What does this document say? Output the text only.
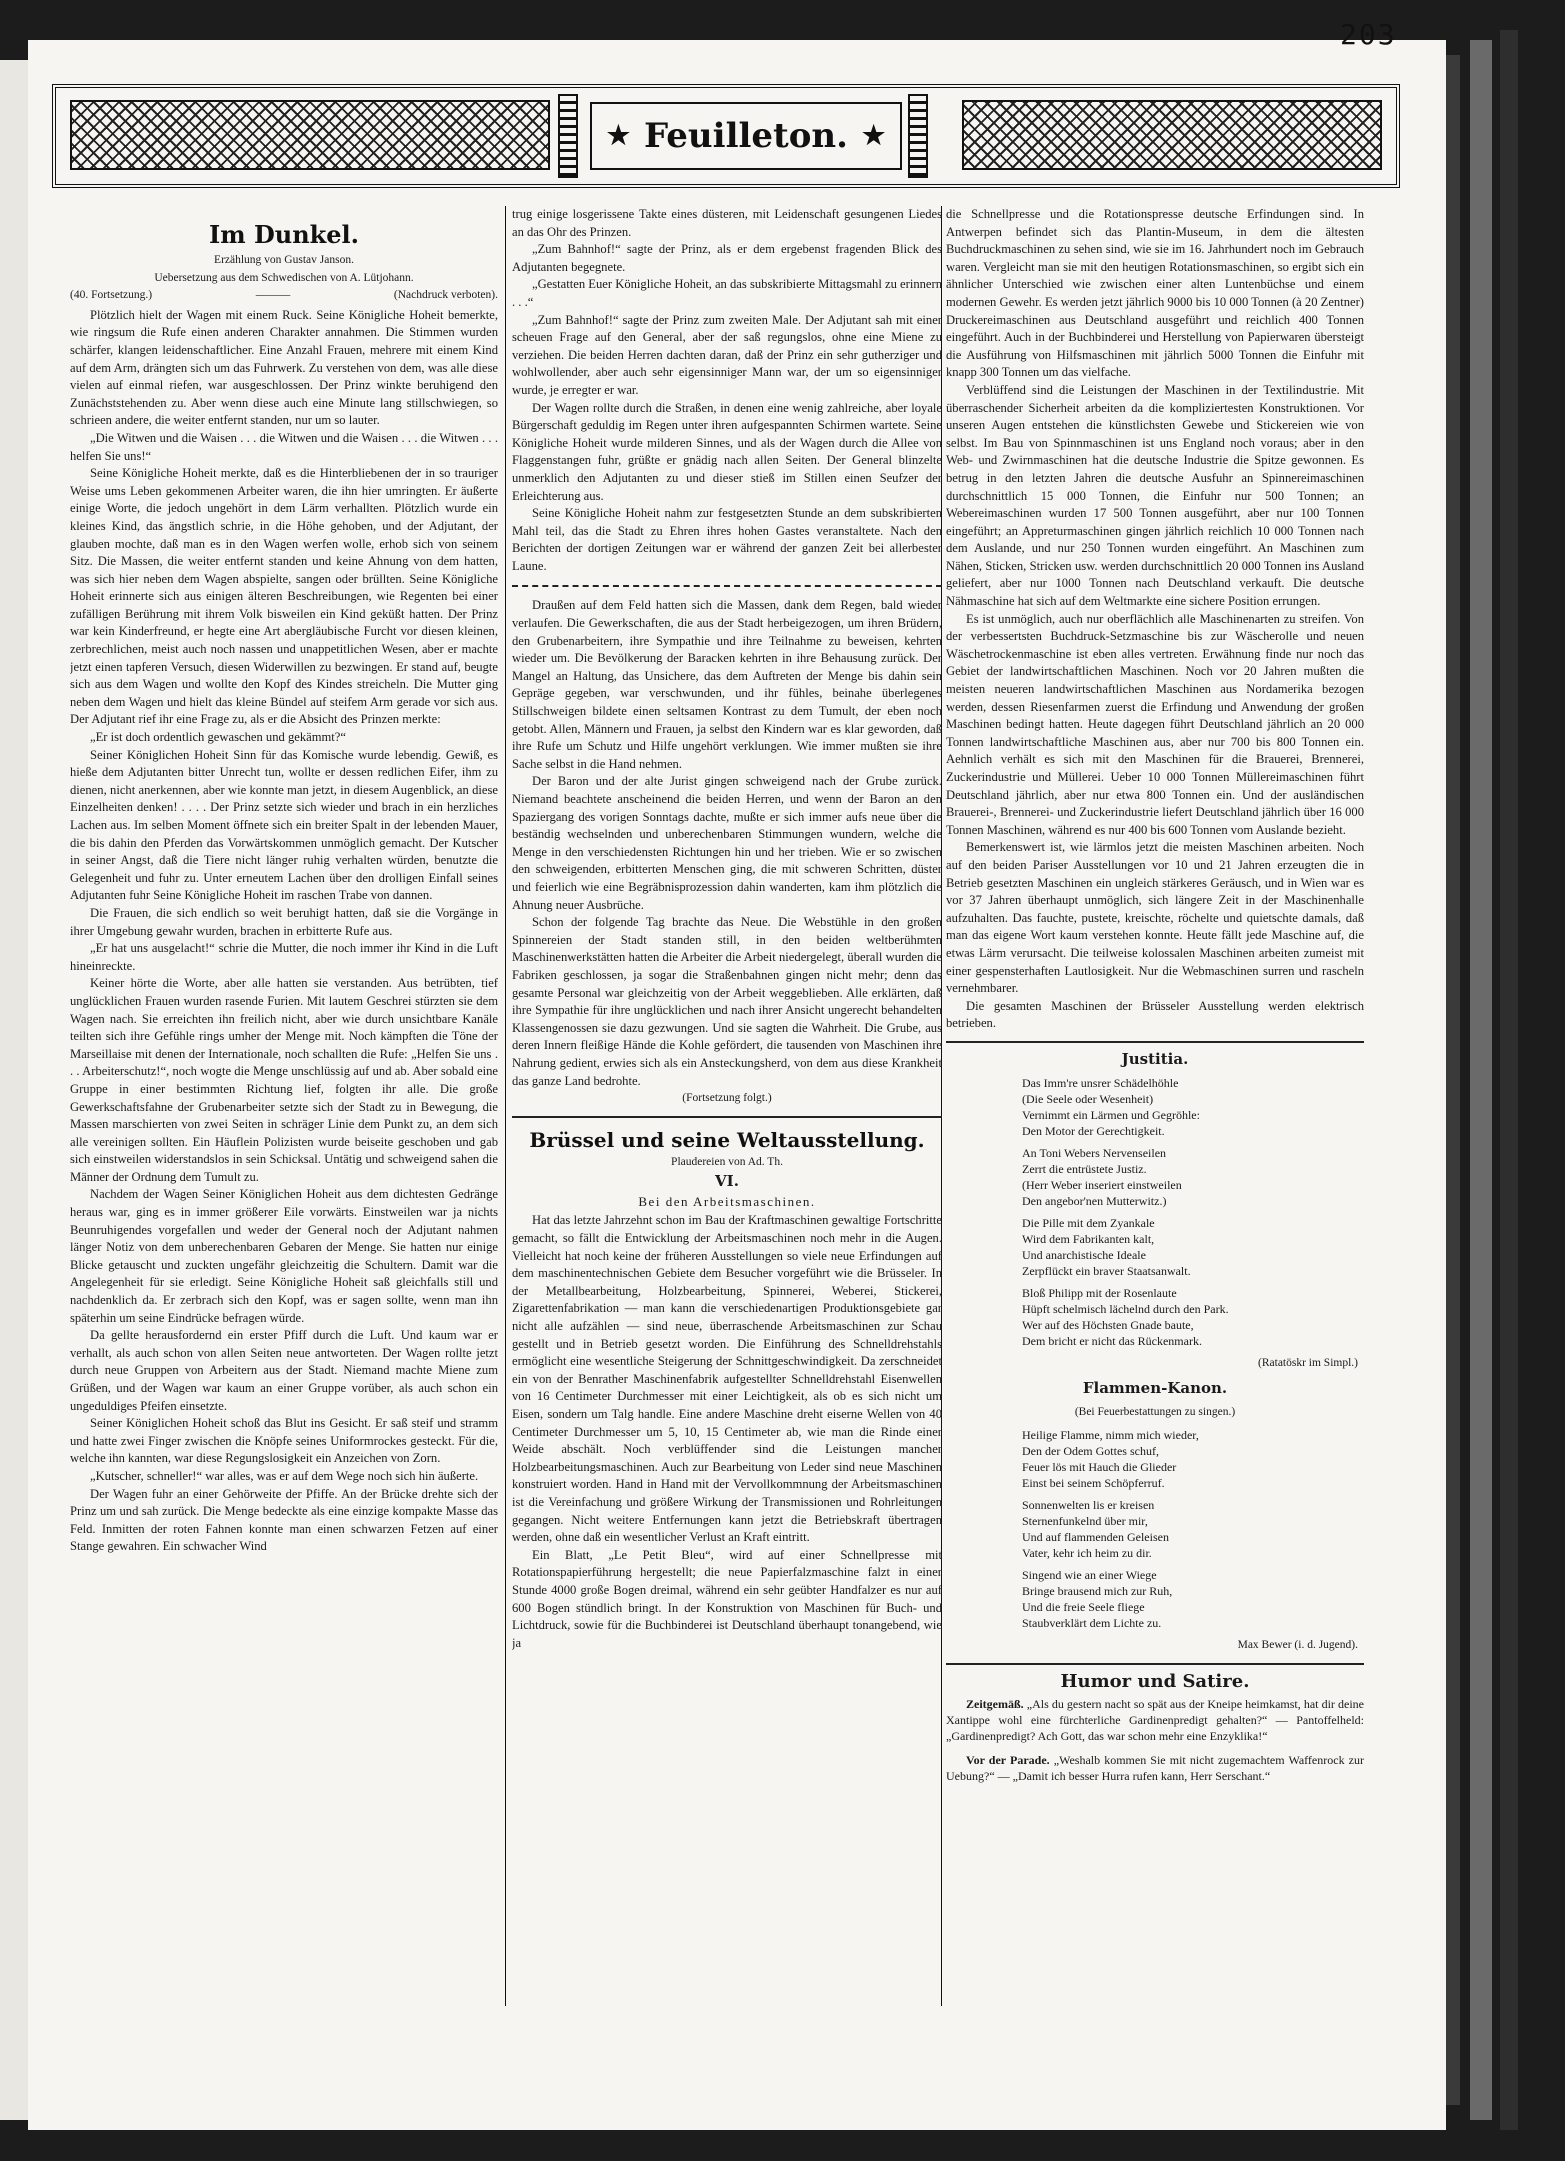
203
★ Feuilleton. ★
Im Dunkel.

Erzählung von Gustav Janson.

Uebersetzung aus dem Schwedischen von A. Lütjohann.

(40. Fortsetzung.)	———	(Nachdruck verboten).

Plötzlich hielt der Wagen mit einem Ruck. Seine Königliche Hoheit bemerkte, wie ringsum die Rufe einen anderen Charakter annahmen. Die Stimmen wurden schärfer, klangen leidenschaftlicher. Eine Anzahl Frauen, mehrere mit einem Kind auf dem Arm, drängten sich um das Fuhrwerk. Zu verstehen von dem, was alle diese vielen auf einmal riefen, war ausgeschlossen. Der Prinz winkte beruhigend den Zunächststehenden zu. Aber wenn diese auch eine Minute lang stillschwiegen, so schrieen andere, die weiter entfernt standen, nur um so lauter.

„Die Witwen und die Waisen . . . die Witwen und die Waisen . . . die Witwen . . . helfen Sie uns!“

Seine Königliche Hoheit merkte, daß es die Hinterbliebenen der in so trauriger Weise ums Leben gekommenen Arbeiter waren, die ihn hier umringten. Er äußerte einige Worte, die jedoch ungehört in dem Lärm verhallten. Plötzlich wurde ein kleines Kind, das ängstlich schrie, in die Höhe gehoben, und der Adjutant, der glauben mochte, daß man es in den Wagen werfen wolle, erhob sich von seinem Sitz. Die Massen, die weiter entfernt standen und keine Ahnung von dem hatten, was sich hier neben dem Wagen abspielte, sangen oder brüllten. Seine Königliche Hoheit erinnerte sich aus einigen älteren Beschreibungen, wie Regenten bei einer zufälligen Berührung mit ihrem Volk bisweilen ein Kind geküßt hatten. Der Prinz war kein Kinderfreund, er hegte eine Art abergläubische Furcht vor diesen kleinen, zerbrechlichen, meist auch noch nassen und unappetitlichen Wesen, aber er machte jetzt einen tapferen Versuch, diesen Widerwillen zu bezwingen. Er stand auf, beugte sich aus dem Wagen und wollte den Kopf des Kindes streicheln. Die Mutter ging neben dem Wagen und hielt das kleine Bündel auf steifem Arm gerade vor sich aus. Der Adjutant rief ihr eine Frage zu, als er die Absicht des Prinzen merkte:

„Er ist doch ordentlich gewaschen und gekämmt?“

Seiner Königlichen Hoheit Sinn für das Komische wurde lebendig. Gewiß, es hieße dem Adjutanten bitter Unrecht tun, wollte er dessen redlichen Eifer, ihm zu dienen, nicht anerkennen, aber wie konnte man jetzt, in diesem Augenblick, an diese Einzelheiten denken! . . . . Der Prinz setzte sich wieder und brach in ein herzliches Lachen aus. Im selben Moment öffnete sich ein breiter Spalt in der lebenden Mauer, die bis dahin den Pferden das Vorwärtskommen unmöglich gemacht. Der Kutscher in seiner Angst, daß die Tiere nicht länger ruhig verhalten würden, benutzte die Gelegenheit und fuhr zu. Unter erneutem Lachen über den drolligen Einfall seines Adjutanten fuhr Seine Königliche Hoheit im raschen Trabe von dannen.

Die Frauen, die sich endlich so weit beruhigt hatten, daß sie die Vorgänge in ihrer Umgebung gewahr wurden, brachen in erbitterte Rufe aus.

„Er hat uns ausgelacht!“ schrie die Mutter, die noch immer ihr Kind in die Luft hineinreckte.

Keiner hörte die Worte, aber alle hatten sie verstanden. Aus betrübten, tief unglücklichen Frauen wurden rasende Furien. Mit lautem Geschrei stürzten sie dem Wagen nach. Sie erreichten ihn freilich nicht, aber wie durch unsichtbare Kanäle teilten sich ihre Gefühle rings umher der Menge mit. Noch kämpften die Töne der Marseillaise mit denen der Internationale, noch schallten die Rufe: „Helfen Sie uns . . . Arbeiterschutz!“, noch wogte die Menge unschlüssig auf und ab. Aber sobald eine Gruppe in einer bestimmten Richtung lief, folgten ihr alle. Die große Gewerkschaftsfahne der Grubenarbeiter setzte sich der Stadt zu in Bewegung, die Massen marschierten von zwei Seiten in schräger Linie dem Punkt zu, an dem sich alle vereinigen sollten. Ein Häuflein Polizisten wurde beiseite geschoben und gab sich einstweilen widerstandslos in sein Schicksal. Untätig und schweigend sahen die Männer der Ordnung dem Tumult zu.

Nachdem der Wagen Seiner Königlichen Hoheit aus dem dichtesten Gedränge heraus war, ging es in immer größerer Eile vorwärts. Einstweilen war ja nichts Beunruhigendes vorgefallen und weder der General noch der Adjutant nahmen länger Notiz von dem unberechenbaren Gebaren der Menge. Sie hatten nur einige Blicke getauscht und zuckten ungefähr gleichzeitig die Schultern. Damit war die Angelegenheit für sie erledigt. Seine Königliche Hoheit saß gleichfalls still und nachdenklich da. Er zerbrach sich den Kopf, was er sagen sollte, wenn man ihn späterhin um seine Eindrücke befragen würde.

Da gellte herausfordernd ein erster Pfiff durch die Luft. Und kaum war er verhallt, als auch schon von allen Seiten neue antworteten. Der Wagen rollte jetzt durch neue Gruppen von Arbeitern aus der Stadt. Niemand machte Miene zum Grüßen, und der Wagen war kaum an einer Gruppe vorüber, als auch schon ein ungeduldiges Pfeifen einsetzte.

Seiner Königlichen Hoheit schoß das Blut ins Gesicht. Er saß steif und stramm und hatte zwei Finger zwischen die Knöpfe seines Uniformrockes gesteckt. Für die, welche ihn kannten, war diese Regungslosigkeit ein Anzeichen von Zorn.

„Kutscher, schneller!“ war alles, was er auf dem Wege noch sich hin äußerte.

Der Wagen fuhr an einer Gehörweite der Pfiffe. An der Brücke drehte sich der Prinz um und sah zurück. Die Menge bedeckte als eine einzige kompakte Masse das Feld. Inmitten der roten Fahnen konnte man einen schwarzen Fetzen auf einer Stange gewahren. Ein schwacher Wind

trug einige losgerissene Takte eines düsteren, mit Leidenschaft gesungenen Liedes an das Ohr des Prinzen.

„Zum Bahnhof!“ sagte der Prinz, als er dem ergebenst fragenden Blick des Adjutanten begegnete.

„Gestatten Euer Königliche Hoheit, an das subskribierte Mittagsmahl zu erinnern . . .“

„Zum Bahnhof!“ sagte der Prinz zum zweiten Male. Der Adjutant sah mit einer scheuen Frage auf den General, aber der saß regungslos, ohne eine Miene zu verziehen. Die beiden Herren dachten daran, daß der Prinz ein sehr gutherziger und wohlwollender, aber auch sehr eigensinniger Mann war, der um so eigensinniger wurde, je erregter er war.

Der Wagen rollte durch die Straßen, in denen eine wenig zahlreiche, aber loyale Bürgerschaft geduldig im Regen unter ihren aufgespannten Schirmen wartete. Seine Königliche Hoheit wurde milderen Sinnes, und als der Wagen durch die Allee von Flaggenstangen fuhr, grüßte er gnädig nach allen Seiten. Der General blinzelte unmerklich den Adjutanten zu und dieser stieß im Stillen einen Seufzer der Erleichterung aus.

Seine Königliche Hoheit nahm zur festgesetzten Stunde an dem subskribierten Mahl teil, das die Stadt zu Ehren ihres hohen Gastes veranstaltete. Nach den Berichten der dortigen Zeitungen war er während der ganzen Zeit bei allerbester Laune.

Draußen auf dem Feld hatten sich die Massen, dank dem Regen, bald wieder verlaufen. Die Gewerkschaften, die aus der Stadt herbeigezogen, um ihren Brüdern, den Grubenarbeitern, ihre Sympathie und ihre Teilnahme zu beweisen, kehrten wieder um. Die Bevölkerung der Baracken kehrten in ihre Behausung zurück. Der Mangel an Haltung, das Unsichere, das dem Auftreten der Menge bis dahin sein Gepräge gegeben, war verschwunden, und ihr fühles, beinahe überlegenes Stillschweigen bildete einen seltsamen Kontrast zu dem Tumult, der eben noch getobt. Allen, Männern und Frauen, ja selbst den Kindern war es klar geworden, daß ihre Rufe um Schutz und Hilfe ungehört verklungen. Wie immer mußten sie ihre Sache selbst in die Hand nehmen.

Der Baron und der alte Jurist gingen schweigend nach der Grube zurück. Niemand beachtete anscheinend die beiden Herren, und wenn der Baron an den Spaziergang des vorigen Sonntags dachte, mußte er sich immer aufs neue über die beständig wechselnden und unberechenbaren Stimmungen wundern, welche die Menge in den verschiedensten Richtungen hin und her trieben. Wie er so zwischen den schweigenden, erbitterten Menschen ging, die mit schweren Schritten, düster und feierlich wie eine Begräbnisprozession dahin wanderten, kam ihm plötzlich die Ahnung neuer Ausbrüche.

Schon der folgende Tag brachte das Neue. Die Webstühle in den großen Spinnereien der Stadt standen still, in den beiden weltberühmten Maschinenwerkstätten hatten die Arbeiter die Arbeit niedergelegt, überall wurden die Fabriken geschlossen, ja sogar die Straßenbahnen gingen nicht mehr; denn das gesamte Personal war gleichzeitig von der Arbeit weggeblieben. Alle erklärten, daß ihre Sympathie für ihre unglücklichen und nach ihrer Ansicht ungerecht behandelten Klassengenossen sie dazu gezwungen. Und sie sagten die Wahrheit. Die Grube, aus deren Innern fleißige Hände die Kohle gefördert, die tausenden von Maschinen ihre Nahrung gedient, erwies sich als ein Ansteckungsherd, von dem aus diese Krankheit das ganze Land bedrohte.

(Fortsetzung folgt.)

Brüssel und seine Weltausstellung.

Plaudereien von Ad. Th.

VI.
Bei den Arbeitsmaschinen.

Hat das letzte Jahrzehnt schon im Bau der Kraftmaschinen gewaltige Fortschritte gemacht, so fällt die Entwicklung der Arbeitsmaschinen noch mehr in die Augen. Vielleicht hat noch keine der früheren Ausstellungen so viele neue Erfindungen auf dem maschinentechnischen Gebiete dem Besucher vorgeführt wie die Brüsseler. In der Metallbearbeitung, Holzbearbeitung, Spinnerei, Weberei, Stickerei, Zigarettenfabrikation — man kann die verschiedenartigen Produktionsgebiete gar nicht alle aufzählen — sind neue, überraschende Arbeitsmaschinen zur Schau gestellt und in Betrieb gesetzt worden. Die Einführung des Schnelldrehstahls ermöglicht eine wesentliche Steigerung der Schnittgeschwindigkeit. Da zerschneidet ein von der Benrather Maschinenfabrik aufgestellter Schnelldrehstahl Eisenwellen von 16 Centimeter Durchmesser mit einer Leichtigkeit, als ob es sich nicht um Eisen, sondern um Talg handle. Eine andere Maschine dreht eiserne Wellen von 40 Centimeter Durchmesser um 5, 10, 15 Centimeter ab, wie man die Rinde einer Weide abschält. Noch verblüffender sind die Leistungen mancher Holzbearbeitungsmaschinen. Auch zur Bearbeitung von Leder sind neue Maschinen konstruiert worden. Hand in Hand mit der Vervollkommnung der Arbeitsmaschinen ist die Vereinfachung und größere Wirkung der Transmissionen und Rohrleitungen gegangen. Nicht weitere Entfernungen kann jetzt die Betriebskraft übertragen werden, ohne daß ein wesentlicher Verlust an Kraft eintritt.

Ein Blatt, „Le Petit Bleu“, wird auf einer Schnellpresse mit Rotationspapierführung hergestellt; die neue Papierfalzmaschine falzt in einer Stunde 4000 große Bogen dreimal, während ein sehr geübter Handfalzer es nur auf 600 Bogen stündlich bringt. In der Konstruktion von Maschinen für Buch- und Lichtdruck, sowie für die Buchbinderei ist Deutschland überhaupt tonangebend, wie ja

die Schnellpresse und die Rotationspresse deutsche Erfindungen sind. In Antwerpen befindet sich das Plantin-Museum, in dem die ältesten Buchdruckmaschinen zu sehen sind, wie sie im 16. Jahrhundert noch im Gebrauch waren. Vergleicht man sie mit den heutigen Rotationsmaschinen, so ergibt sich ein ähnlicher Unterschied wie zwischen einer alten Luntenbüchse und einem modernen Gewehr. Es werden jetzt jährlich 9000 bis 10 000 Tonnen (à 20 Zentner) Druckereimaschinen aus Deutschland ausgeführt und reichlich 400 Tonnen eingeführt. Auch in der Buchbinderei und Herstellung von Papierwaren übersteigt die Ausführung von Hilfsmaschinen mit jährlich 5000 Tonnen die Einfuhr mit knapp 300 Tonnen um das vielfache.

Verblüffend sind die Leistungen der Maschinen in der Textilindustrie. Mit überraschender Sicherheit arbeiten da die kompliziertesten Konstruktionen. Vor unseren Augen entstehen die künstlichsten Gewebe und Stickereien wie von selbst. Im Bau von Spinnmaschinen ist uns England noch voraus; aber in den Web- und Zwirnmaschinen hat die deutsche Industrie die Spitze gewonnen. Es betrug in den letzten Jahren die deutsche Ausfuhr an Spinnereimaschinen durchschnittlich 15 000 Tonnen, die Einfuhr nur 500 Tonnen; an Webereimaschinen wurden 17 500 Tonnen ausgeführt, aber nur 100 Tonnen eingeführt; an Appreturmaschinen gingen jährlich reichlich 10 000 Tonnen nach dem Auslande, und nur 250 Tonnen wurden eingeführt. An Maschinen zum Nähen, Sticken, Stricken usw. werden durchschnittlich 20 000 Tonnen ins Ausland geliefert, aber nur 1000 Tonnen nach Deutschland verkauft. Die deutsche Nähmaschine hat sich auf dem Weltmarkte eine sichere Position errungen.

Es ist unmöglich, auch nur oberflächlich alle Maschinenarten zu streifen. Von der verbessertsten Buchdruck-Setzmaschine bis zur Wäscherolle und neuen Wäschetrockenmaschine ist eben alles vertreten. Erwähnung finde nur noch das Gebiet der landwirtschaftlichen Maschinen. Noch vor 20 Jahren mußten die meisten neueren landwirtschaftlichen Maschinen aus Nordamerika bezogen werden, dessen Riesenfarmen zuerst die Erfindung und Anwendung der großen Maschinen bedingt hatten. Heute dagegen führt Deutschland jährlich an 20 000 Tonnen landwirtschaftliche Maschinen aus, aber nur 700 bis 800 Tonnen ein. Aehnlich verhält es sich mit den Maschinen für die Brauerei, Brennerei, Zuckerindustrie und Müllerei. Ueber 10 000 Tonnen Müllereimaschinen führt Deutschland jährlich, aber nur etwa 800 Tonnen ein. Und der ausländischen Brauerei-, Brennerei- und Zuckerindustrie liefert Deutschland jährlich über 16 000 Tonnen Maschinen, während es nur 400 bis 600 Tonnen vom Auslande bezieht.

Bemerkenswert ist, wie lärmlos jetzt die meisten Maschinen arbeiten. Noch auf den beiden Pariser Ausstellungen vor 10 und 21 Jahren erzeugten die in Betrieb gesetzten Maschinen ein ungleich stärkeres Geräusch, und in Wien war es vor 37 Jahren überhaupt unmöglich, sich längere Zeit in der Maschinenhalle aufzuhalten. Das fauchte, pustete, kreischte, röchelte und quietschte damals, daß man das eigene Wort kaum verstehen konnte. Heute fällt jede Maschine auf, die etwas Lärm verursacht. Die teilweise kolossalen Maschinen arbeiten zumeist mit einer gespensterhaften Lautlosigkeit. Nur die Webmaschinen surren und rascheln vernehmbarer.

Die gesamten Maschinen der Brüsseler Ausstellung werden elektrisch betrieben.

Justitia.
Das Imm're unsrer Schädelhöhle
(Die Seele oder Wesenheit)
Vernimmt ein Lärmen und Gegröhle:
Den Motor der Gerechtigkeit.
An Toni Webers Nervenseilen
Zerrt die entrüstete Justiz.
(Herr Weber inseriert einstweilen
Den angebor'nen Mutterwitz.)
Die Pille mit dem Zyankale
Wird dem Fabrikanten kalt,
Und anarchistische Ideale
Zerpflückt ein braver Staatsanwalt.
Bloß Philipp mit der Rosenlaute
Hüpft schelmisch lächelnd durch den Park.
Wer auf des Höchsten Gnade baute,
Dem bricht er nicht das Rückenmark.
(Ratatöskr im Simpl.)
Flammen-Kanon.
(Bei Feuerbestattungen zu singen.)
Heilige Flamme, nimm mich wieder,
Den der Odem Gottes schuf,
Feuer lös mit Hauch die Glieder
Einst bei seinem Schöpferruf.
Sonnenwelten lis er kreisen
Sternenfunkelnd über mir,
Und auf flammenden Geleisen
Vater, kehr ich heim zu dir.
Singend wie an einer Wiege
Bringe brausend mich zur Ruh,
Und die freie Seele fliege
Staubverklärt dem Lichte zu.
Max Bewer (i. d. Jugend).
Humor und Satire.

Zeitgemäß. „Als du gestern nacht so spät aus der Kneipe heimkamst, hat dir deine Xantippe wohl eine fürchterliche Gardinenpredigt gehalten?“ — Pantoffelheld: „Gardinenpredigt? Ach Gott, das war schon mehr eine Enzyklika!“

Vor der Parade. „Weshalb kommen Sie mit nicht zugemachtem Waffenrock zur Uebung?“ — „Damit ich besser Hurra rufen kann, Herr Serschant.“
